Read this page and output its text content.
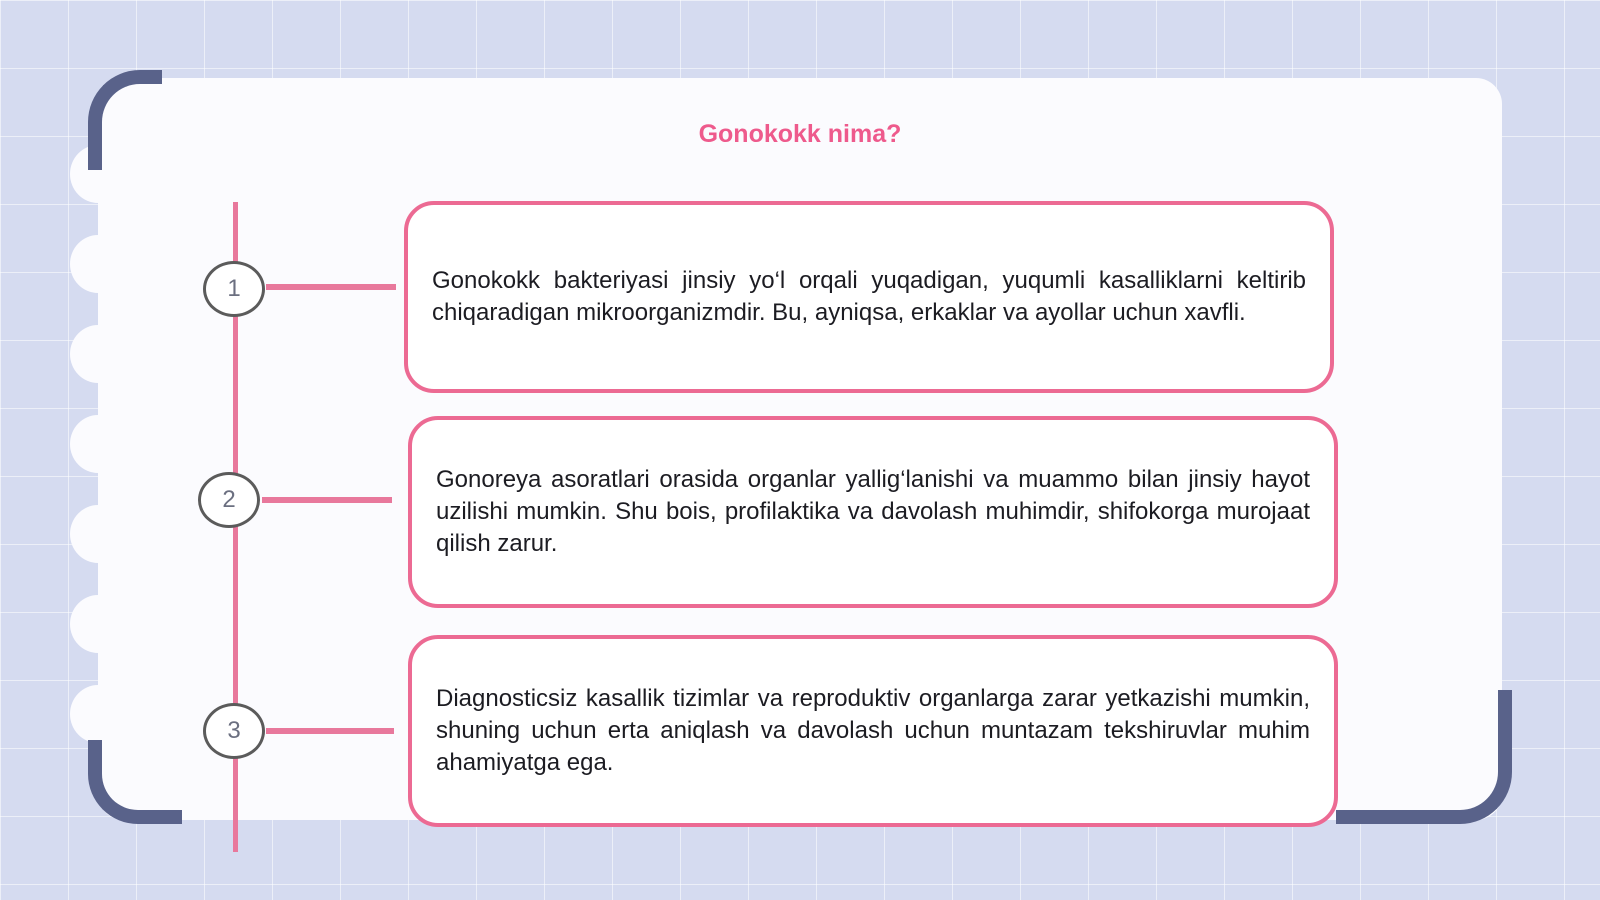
Gonokokk nima?
1	Gonokokk bakteriyasi jinsiy yo‘l orqali yuqadigan, yuqumli kasalliklarni keltirib chiqaradigan mikroorganizmdir. Bu, ayniqsa, erkaklar va ayollar uchun xavfli.

2

Gonoreya asoratlari orasida organlar yallig‘lanishi va muammo bilan jinsiy hayot uzilishi mumkin. Shu bois, profilaktika va davolash muhimdir, shifokorga murojaat qilish zarur.

3

Diagnosticsiz kasallik tizimlar va reproduktiv organlarga zarar yetkazishi mumkin, shuning uchun erta aniqlash va davolash uchun muntazam tekshiruvlar muhim ahamiyatga ega.
